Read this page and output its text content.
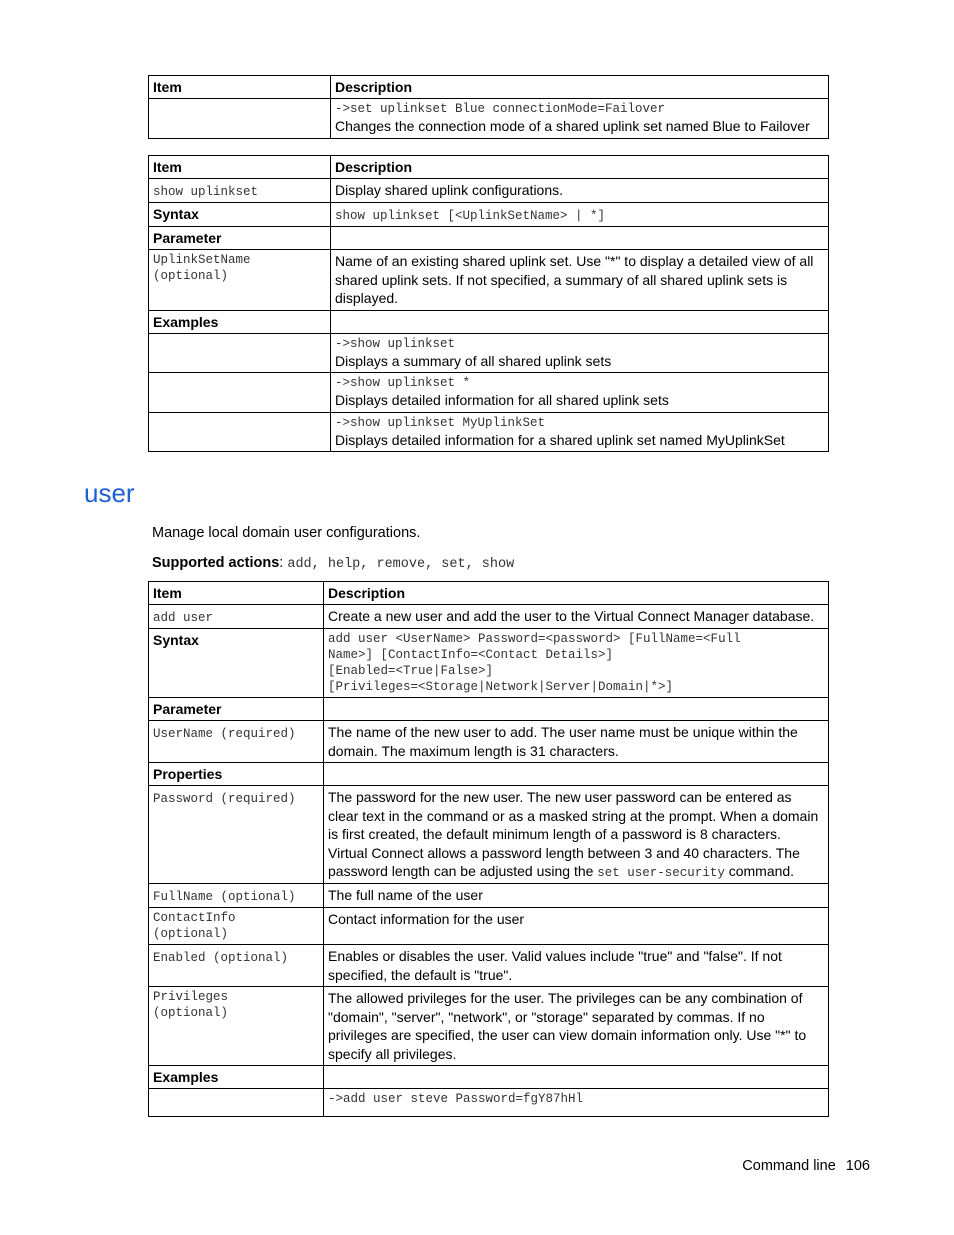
Item	Description

	->set uplinkset Blue connectionMode=Failover
Changes the connection mode of a shared uplink set named Blue to Failover
Item	Description
show uplinkset	Display shared uplink configurations.
Syntax	show uplinkset [<UplinkSetName> | *]
Parameter	

UplinkSetName
(optional)	Name of an existing shared uplink set. Use "*" to display a detailed view of all shared uplink sets. If not specified, a summary of all shared uplink sets is displayed.
Examples	

	->show uplinkset
Displays a summary of all shared uplink sets

	->show uplinkset *
Displays detailed information for all shared uplink sets

	->show uplinkset MyUplinkSet
Displays detailed information for a shared uplink set named MyUplinkSet
user
Manage local domain user configurations.
Supported actions: add, help, remove, set, show
Item	Description
add user	Create a new user and add the user to the Virtual Connect Manager database.
Syntax	add user <UserName> Password=<password> [FullName=<Full
Name>] [ContactInfo=<Contact Details>]
[Enabled=<True|False>]
[Privileges=<Storage|Network|Server|Domain|*>]

Parameter	
UserName (required)	The name of the new user to add. The user name must be unique within the domain. The maximum length is 31 characters.
Properties	
Password (required)	The password for the new user. The new user password can be entered as clear text in the command or as a masked string at the prompt. When a domain is first created, the default minimum length of a password is 8 characters. Virtual Connect allows a password length between 3 and 40 characters. The password length can be adjusted using the set user-security command.
FullName (optional)	The full name of the user

ContactInfo
(optional)	Contact information for the user
Enabled (optional)	Enables or disables the user. Valid values include "true" and "false". If not specified, the default is "true".

Privileges
(optional)	The allowed privileges for the user. The privileges can be any combination of "domain", "server", "network", or "storage" separated by commas. If no privileges are specified, the user can view domain information only. Use "*" to specify all privileges.
Examples	

	->add user steve Password=fgY87hHl
Command line 106
